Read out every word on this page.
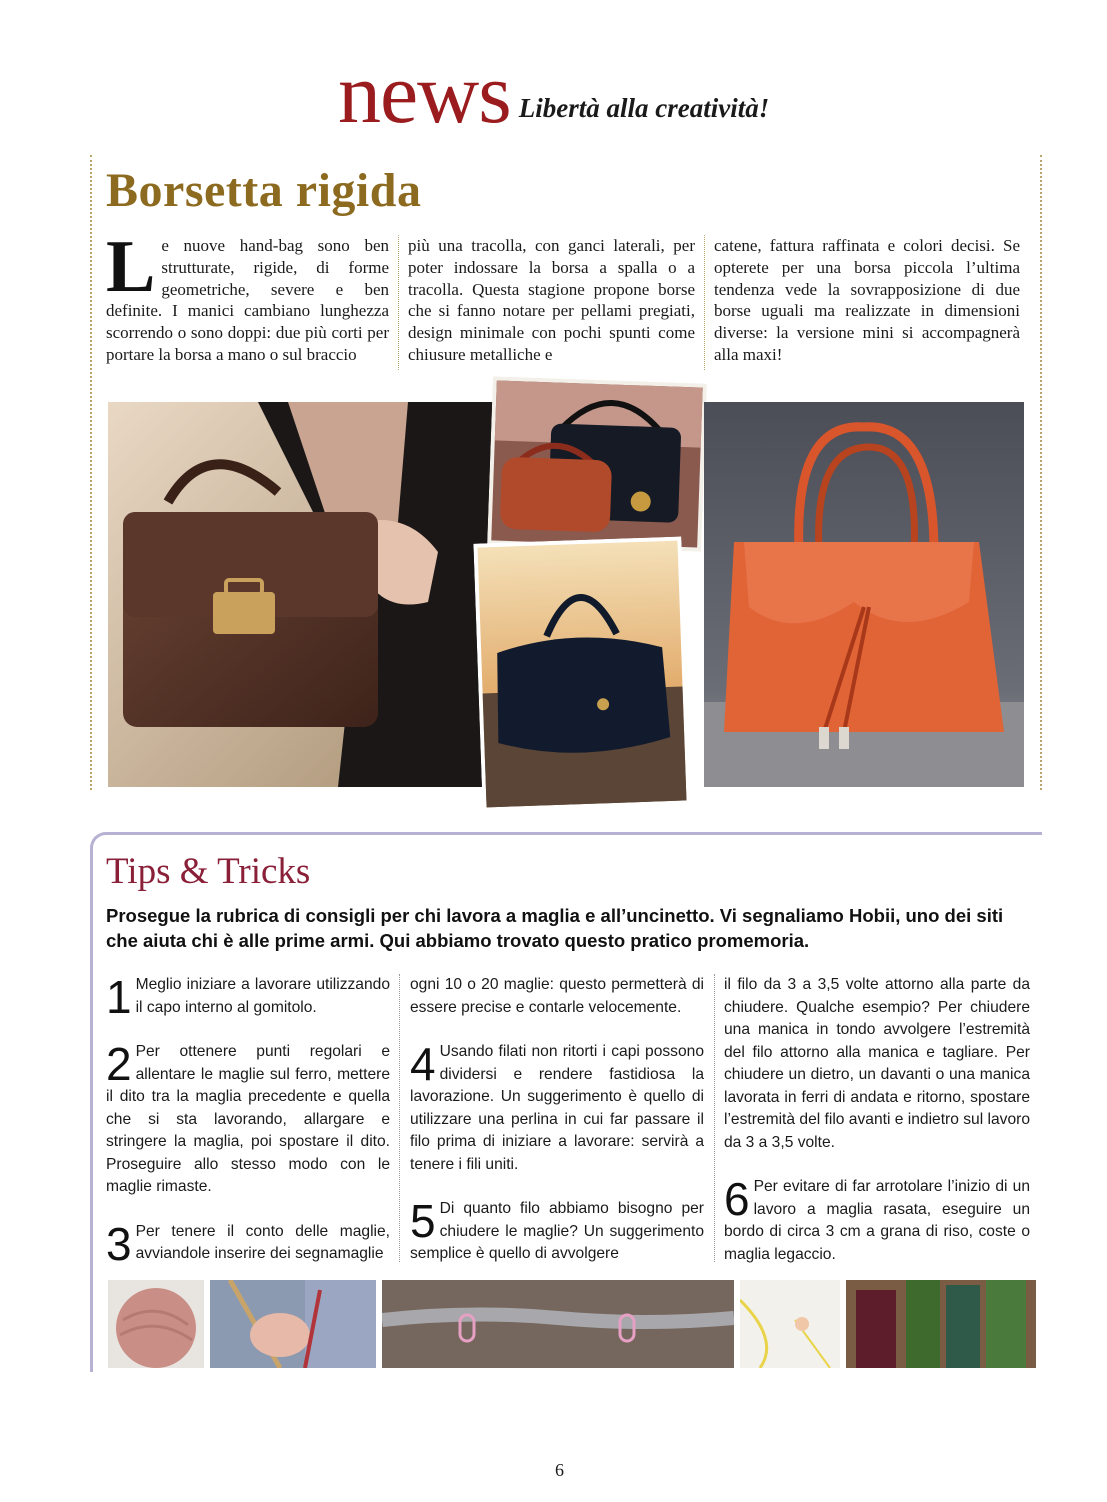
news Libertà alla creatività!
Borsetta rigida
Le nuove hand-bag sono ben strutturate, rigide, di forme geometriche, severe e ben definite. I manici cambiano lunghezza scorrendo o sono doppi: due più corti per portare la borsa a mano o sul braccio
più una tracolla, con ganci laterali, per poter indossare la borsa a spalla o a tracolla. Questa stagione propone borse che si fanno notare per pellami pregiati, design minimale con pochi spunti come chiusure metalliche e
catene, fattura raffinata e colori decisi. Se opterete per una borsa piccola l’ultima tendenza vede la sovrapposizione di due borse uguali ma realizzate in dimensioni diverse: la versione mini si accompagnerà alla maxi!
Tips & Tricks
Prosegue la rubrica di consigli per chi lavora a maglia e all’uncinetto. Vi segnaliamo Hobii, uno dei siti che aiuta chi è alle prime armi. Qui abbiamo trovato questo pratico promemoria.
1 Meglio iniziare a lavorare utilizzando il capo interno al gomitolo.
2 Per ottenere punti regolari e allentare le maglie sul ferro, mettere il dito tra la maglia precedente e quella che si sta lavorando, allargare e stringere la maglia, poi spostare il dito. Proseguire allo stesso modo con le maglie rimaste.
3 Per tenere il conto delle maglie, avviandole inserire dei segnamaglie
ogni 10 o 20 maglie: questo permetterà di essere precise e contarle velocemente.
4 Usando filati non ritorti i capi possono dividersi e rendere fastidiosa la lavorazione. Un suggerimento è quello di utilizzare una perlina in cui far passare il filo prima di iniziare a lavorare: servirà a tenere i fili uniti.
5 Di quanto filo abbiamo bisogno per chiudere le maglie? Un suggerimento semplice è quello di avvolgere
il filo da 3 a 3,5 volte attorno alla parte da chiudere. Qualche esempio? Per chiudere una manica in tondo avvolgere l’estremità del filo attorno alla manica e tagliare. Per chiudere un dietro, un davanti o una manica lavorata in ferri di andata e ritorno, spostare l’estremità del filo avanti e indietro sul lavoro da 3 a 3,5 volte.
6 Per evitare di far arrotolare l’inizio di un lavoro a maglia rasata, eseguire un bordo di circa 3 cm a grana di riso, coste o maglia legaccio.
6
